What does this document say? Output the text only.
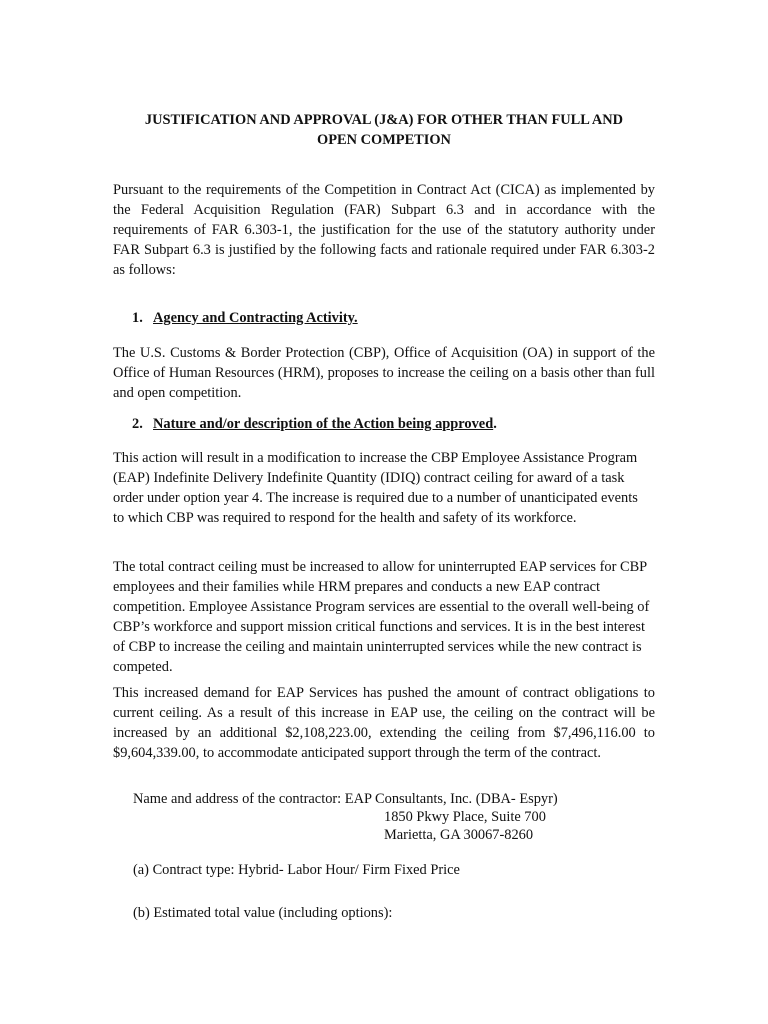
JUSTIFICATION AND APPROVAL (J&A) FOR OTHER THAN FULL AND
OPEN COMPETION

Pursuant to the requirements of the Competition in Contract Act (CICA) as implemented by the Federal Acquisition Regulation (FAR) Subpart 6.3 and in accordance with the requirements of FAR 6.303-1, the justification for the use of the statutory authority under FAR Subpart 6.3 is justified by the following facts and rationale required under FAR 6.303-2 as follows:

1. Agency and Contracting Activity.

The U.S. Customs & Border Protection (CBP), Office of Acquisition (OA) in support of the Office of Human Resources (HRM), proposes to increase the ceiling on a basis other than full and open competition.

2. Nature and/or description of the Action being approved.

This action will result in a modification to increase the CBP Employee Assistance Program (EAP) Indefinite Delivery Indefinite Quantity (IDIQ) contract ceiling for award of a task order under option year 4. The increase is required due to a number of unanticipated events to which CBP was required to respond for the health and safety of its workforce.

The total contract ceiling must be increased to allow for uninterrupted EAP services for CBP employees and their families while HRM prepares and conducts a new EAP contract competition. Employee Assistance Program services are essential to the overall well-being of CBP’s workforce and support mission critical functions and services. It is in the best interest of CBP to increase the ceiling and maintain uninterrupted services while the new contract is competed.

This increased demand for EAP Services has pushed the amount of contract obligations to current ceiling. As a result of this increase in EAP use, the ceiling on the contract will be increased by an additional $2,108,223.00, extending the ceiling from $7,496,116.00 to $9,604,339.00, to accommodate anticipated support through the term of the contract.

Name and address of the contractor: EAP Consultants, Inc. (DBA- Espyr)
1850 Pkwy Place, Suite 700
Marietta, GA 30067-8260
(a) Contract type: Hybrid- Labor Hour/ Firm Fixed Price
(b) Estimated total value (including options):
